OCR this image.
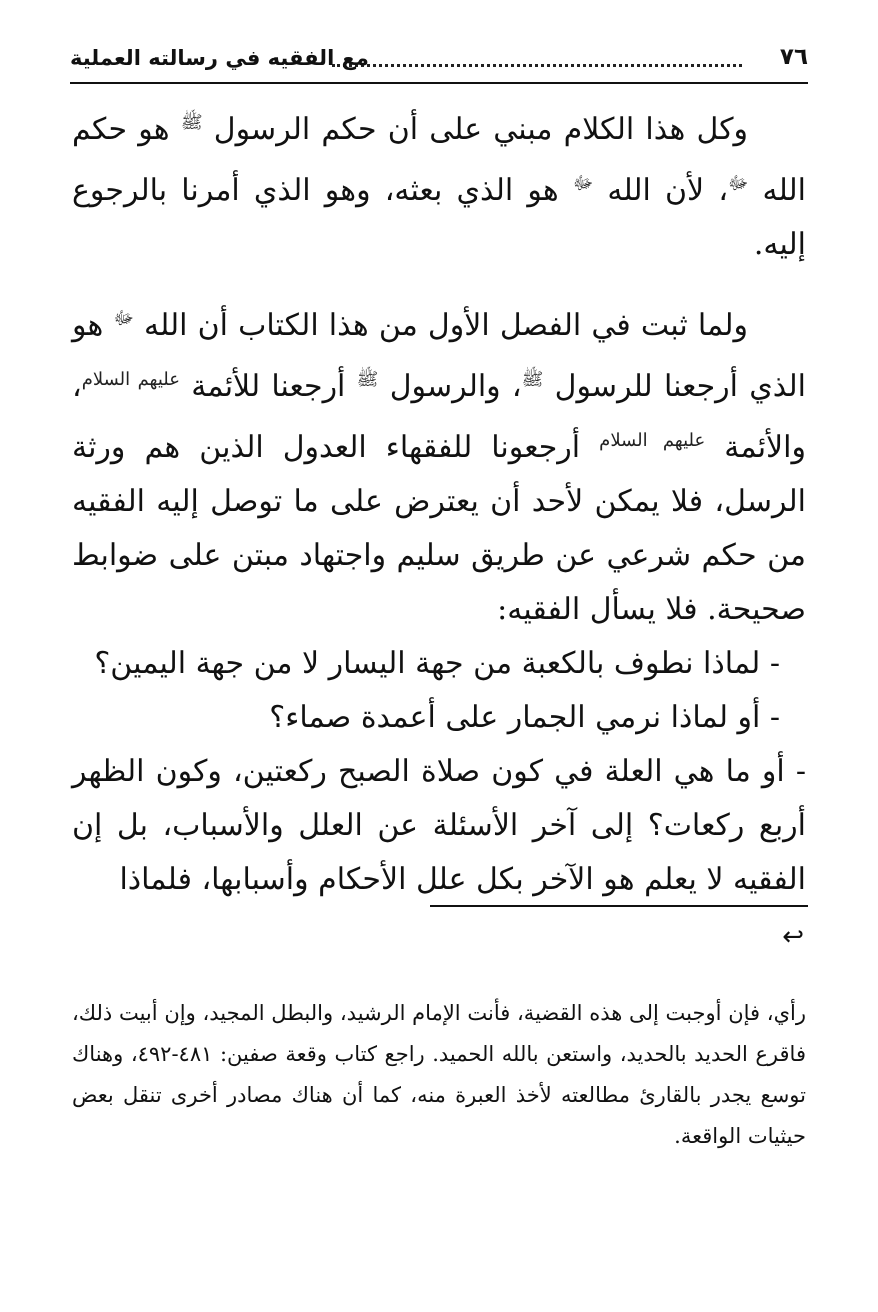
٧٦
مع الفقيه في رسالته العملية

وكل هذا الكلام مبني على أن حكم الرسول $^ﷺ$ هو حكم الله $^ﷻ$، لأن الله $^ﷻ$ هو الذي بعثه، وهو الذي أمرنا بالرجوع إليه.

ولما ثبت في الفصل الأول من هذا الكتاب أن الله $^ﷻ$ هو الذي أرجعنا للرسول $^ﷺ$، والرسول $^ﷺ$ أرجعنا للأئمة $^{عليهم السلام}$، والأئمة $^{عليهم السلام}$ أرجعونا للفقهاء العدول الذين هم ورثة الرسل، فلا يمكن لأحد أن يعترض على ما توصل إليه الفقيه من حكم شرعي عن طريق سليم واجتهاد مبتن على ضوابط صحيحة. فلا يسأل الفقيه:

- لماذا نطوف بالكعبة من جهة اليسار لا من جهة اليمين؟

- أو لماذا نرمي الجمار على أعمدة صماء؟

- أو ما هي العلة في كون صلاة الصبح ركعتين، وكون الظهر أربع ركعات؟ إلى آخر الأسئلة عن العلل والأسباب، بل إن الفقيه لا يعلم هو الآخر بكل علل الأحكام وأسبابها، فلماذا

↩

رأي، فإن أوجبت إلى هذه القضية، فأنت الإمام الرشيد، والبطل المجيد، وإن أبيت ذلك، فاقرع الحديد بالحديد، واستعن بالله الحميد. راجع كتاب وقعة صفين: ٤٨١-٤٩٢، وهناك توسع يجدر بالقارئ مطالعته لأخذ العبرة منه، كما أن هناك مصادر أخرى تنقل بعض حيثيات الواقعة.
